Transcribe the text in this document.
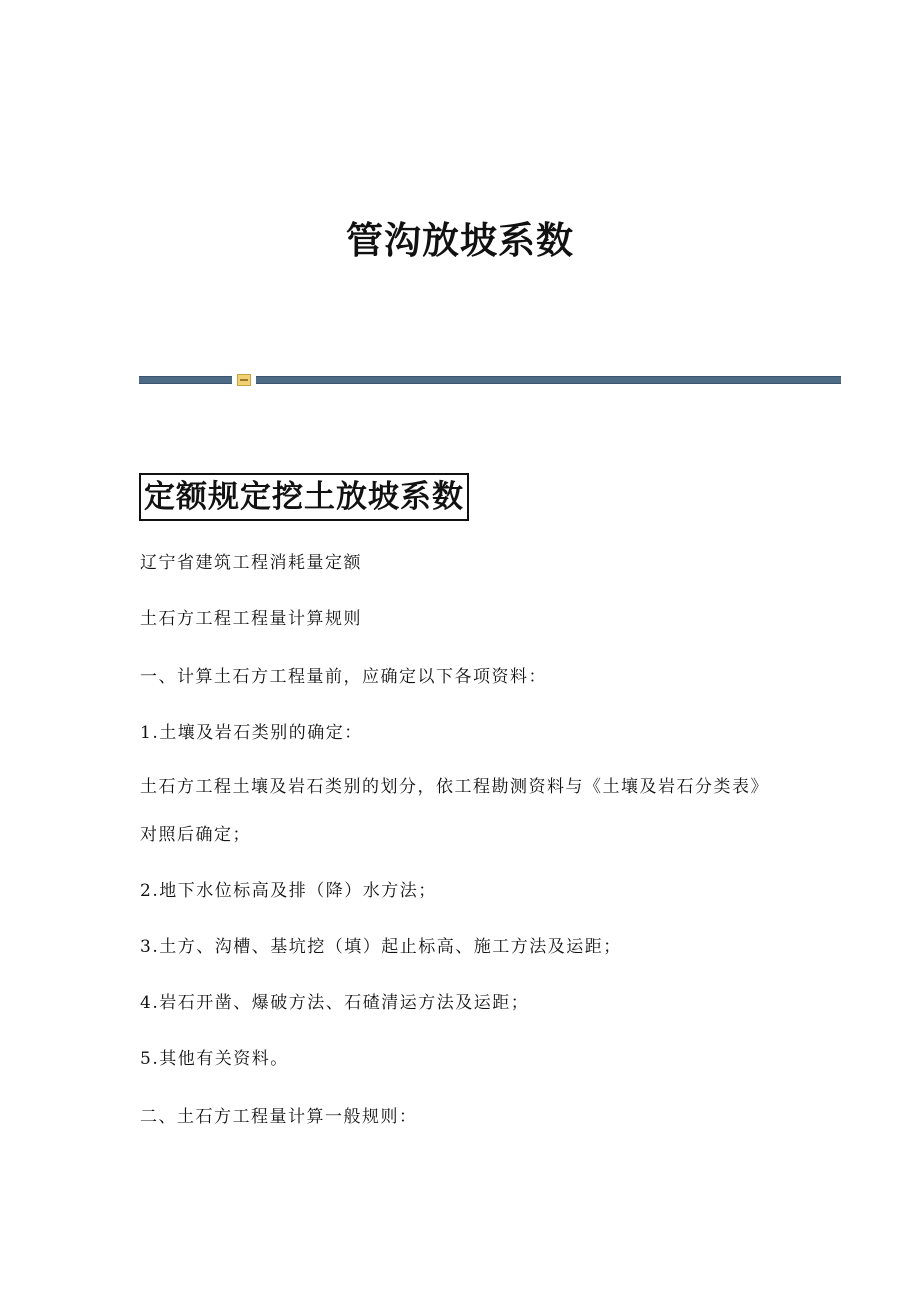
管沟放坡系数
定额规定挖土放坡系数

辽宁省建筑工程消耗量定额

土石方工程工程量计算规则

一、计算土石方工程量前，应确定以下各项资料：

1.土壤及岩石类别的确定：

土石方工程土壤及岩石类别的划分，依工程勘测资料与《土壤及岩石分类表》

对照后确定；

2.地下水位标高及排（降）水方法；

3.土方、沟槽、基坑挖（填）起止标高、施工方法及运距；

4.岩石开凿、爆破方法、石碴清运方法及运距；

5.其他有关资料。

二、土石方工程量计算一般规则：
